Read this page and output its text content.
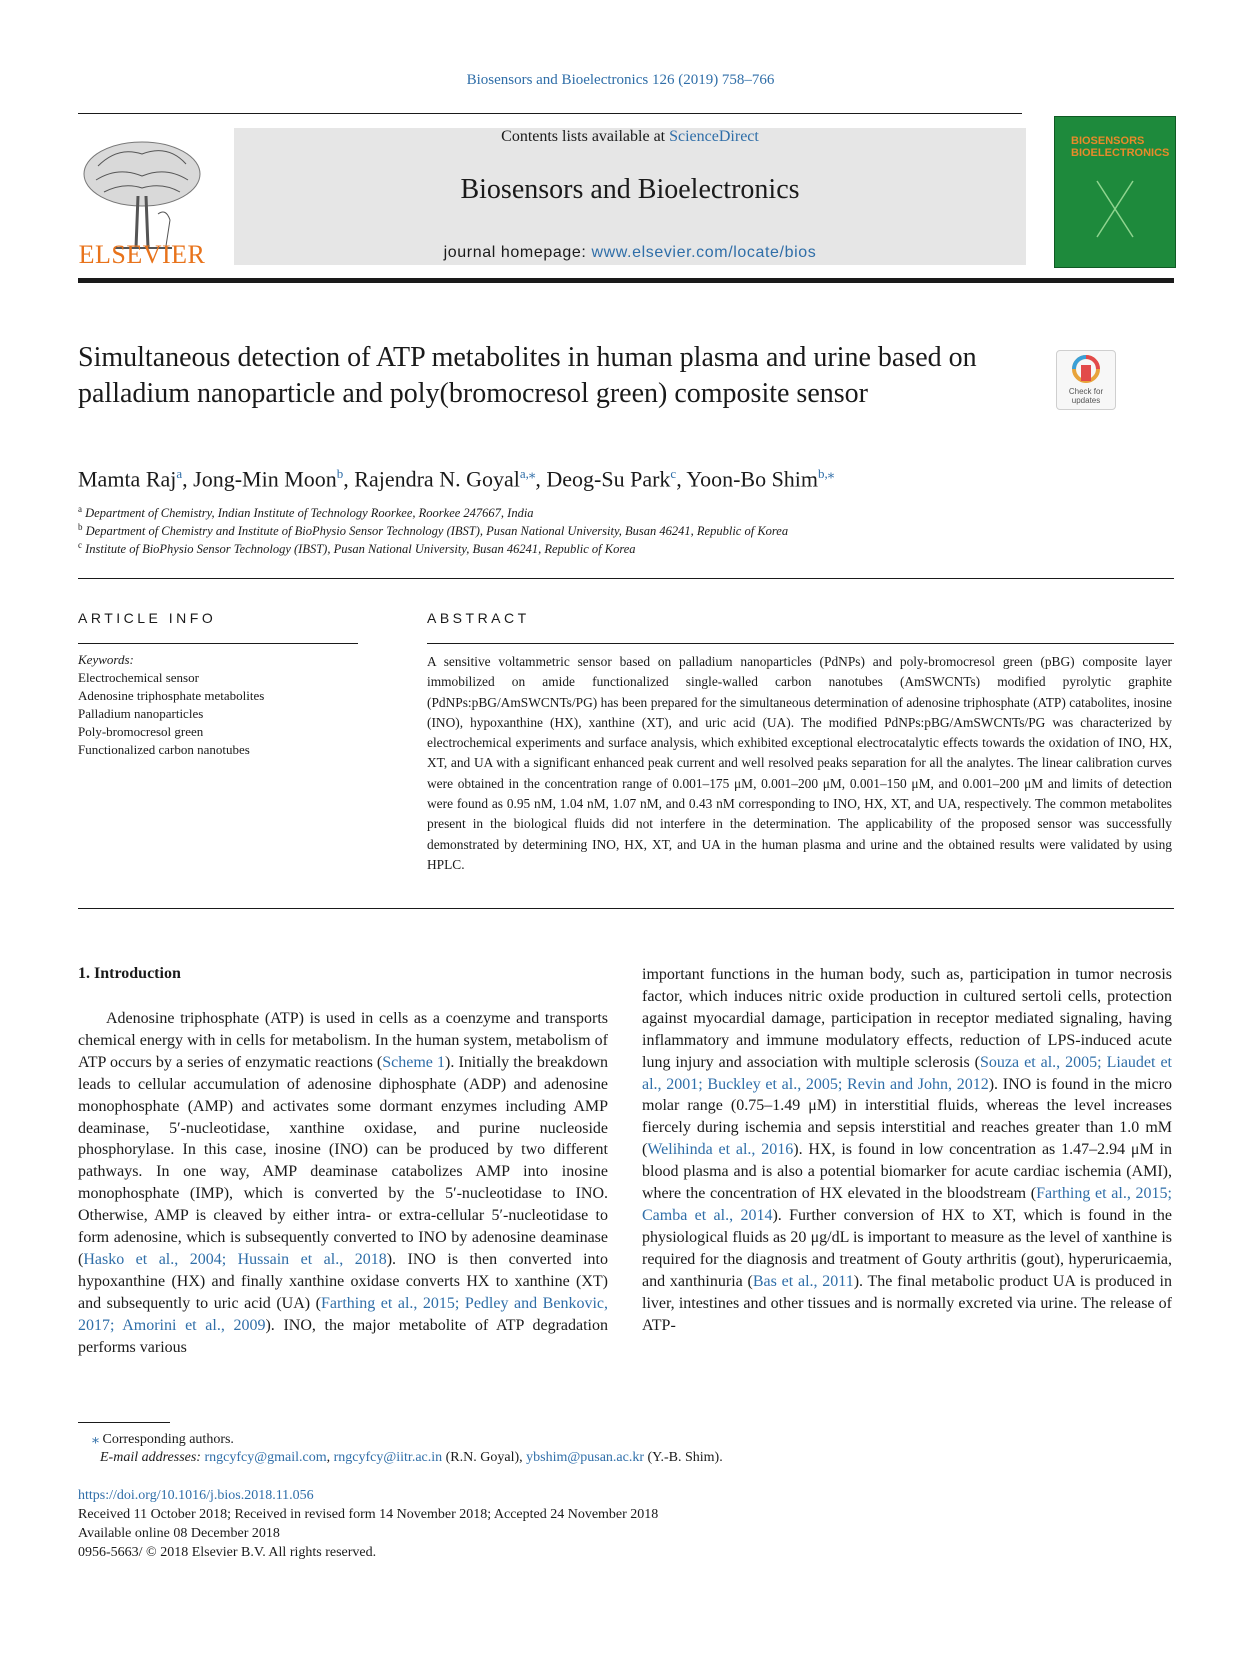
Biosensors and Bioelectronics 126 (2019) 758–766
ELSEVIER
Contents lists available at ScienceDirect
Biosensors and Bioelectronics
journal homepage: www.elsevier.com/locate/bios
BIOSENSORS
BIOELECTRONICS
Simultaneous detection of ATP metabolites in human plasma and urine based on palladium nanoparticle and poly(bromocresol green) composite sensor	Check for updates
Mamta Raj$^a$, Jong-Min Moon$^b$, Rajendra N. Goyal$^{a,⁎}$, Deog-Su Park$^c$, Yoon-Bo Shim$^{b,⁎}$
$^a$ Department of Chemistry, Indian Institute of Technology Roorkee, Roorkee 247667, India
$^b$ Department of Chemistry and Institute of BioPhysio Sensor Technology (IBST), Pusan National University, Busan 46241, Republic of Korea
$^c$ Institute of BioPhysio Sensor Technology (IBST), Pusan National University, Busan 46241, Republic of Korea
ARTICLE INFO
Keywords:
Electrochemical sensor
Adenosine triphosphate metabolites
Palladium nanoparticles
Poly-bromocresol green
Functionalized carbon nanotubes
ABSTRACT
A sensitive voltammetric sensor based on palladium nanoparticles (PdNPs) and poly-bromocresol green (pBG) composite layer immobilized on amide functionalized single-walled carbon nanotubes (AmSWCNTs) modified pyrolytic graphite (PdNPs:pBG/AmSWCNTs/PG) has been prepared for the simultaneous determination of adenosine triphosphate (ATP) catabolites, inosine (INO), hypoxanthine (HX), xanthine (XT), and uric acid (UA). The modified PdNPs:pBG/AmSWCNTs/PG was characterized by electrochemical experiments and surface analysis, which exhibited exceptional electrocatalytic effects towards the oxidation of INO, HX, XT, and UA with a significant enhanced peak current and well resolved peaks separation for all the analytes. The linear calibration curves were obtained in the concentration range of 0.001–175 μM, 0.001–200 μM, 0.001–150 μM, and 0.001–200 μM and limits of detection were found as 0.95 nM, 1.04 nM, 1.07 nM, and 0.43 nM corresponding to INO, HX, XT, and UA, respectively. The common metabolites present in the biological fluids did not interfere in the determination. The applicability of the proposed sensor was successfully demonstrated by determining INO, HX, XT, and UA in the human plasma and urine and the obtained results were validated by using HPLC.
1. Introduction

Adenosine triphosphate (ATP) is used in cells as a coenzyme and transports chemical energy with in cells for metabolism. In the human system, metabolism of ATP occurs by a series of enzymatic reactions (Scheme 1). Initially the breakdown leads to cellular accumulation of adenosine diphosphate (ADP) and adenosine monophosphate (AMP) and activates some dormant enzymes including AMP deaminase, 5′-nucleotidase, xanthine oxidase, and purine nucleoside phosphorylase. In this case, inosine (INO) can be produced by two different pathways. In one way, AMP deaminase catabolizes AMP into inosine monophosphate (IMP), which is converted by the 5′-nucleotidase to INO. Otherwise, AMP is cleaved by either intra- or extra-cellular 5′-nucleotidase to form adenosine, which is subsequently converted to INO by adenosine deaminase (Hasko et al., 2004; Hussain et al., 2018). INO is then converted into hypoxanthine (HX) and finally xanthine oxidase converts HX to xanthine (XT) and subsequently to uric acid (UA) (Farthing et al., 2015; Pedley and Benkovic, 2017; Amorini et al., 2009). INO, the major metabolite of ATP degradation performs various

important functions in the human body, such as, participation in tumor necrosis factor, which induces nitric oxide production in cultured sertoli cells, protection against myocardial damage, participation in receptor mediated signaling, having inflammatory and immune modulatory effects, reduction of LPS-induced acute lung injury and association with multiple sclerosis (Souza et al., 2005; Liaudet et al., 2001; Buckley et al., 2005; Revin and John, 2012). INO is found in the micro molar range (0.75–1.49 μM) in interstitial fluids, whereas the level increases fiercely during ischemia and sepsis interstitial and reaches greater than 1.0 mM (Welihinda et al., 2016). HX, is found in low concentration as 1.47–2.94 μM in blood plasma and is also a potential biomarker for acute cardiac ischemia (AMI), where the concentration of HX elevated in the bloodstream (Farthing et al., 2015; Camba et al., 2014). Further conversion of HX to XT, which is found in the physiological fluids as 20 μg/dL is important to measure as the level of xanthine is required for the diagnosis and treatment of Gouty arthritis (gout), hyperuricaemia, and xanthinuria (Bas et al., 2011). The final metabolic product UA is produced in liver, intestines and other tissues and is normally excreted via urine. The release of ATP-

⁎ Corresponding authors.
E-mail addresses: rngcyfcy@gmail.com, rngcyfcy@iitr.ac.in (R.N. Goyal), ybshim@pusan.ac.kr (Y.-B. Shim).
https://doi.org/10.1016/j.bios.2018.11.056
Received 11 October 2018; Received in revised form 14 November 2018; Accepted 24 November 2018
Available online 08 December 2018
0956-5663/ © 2018 Elsevier B.V. All rights reserved.
